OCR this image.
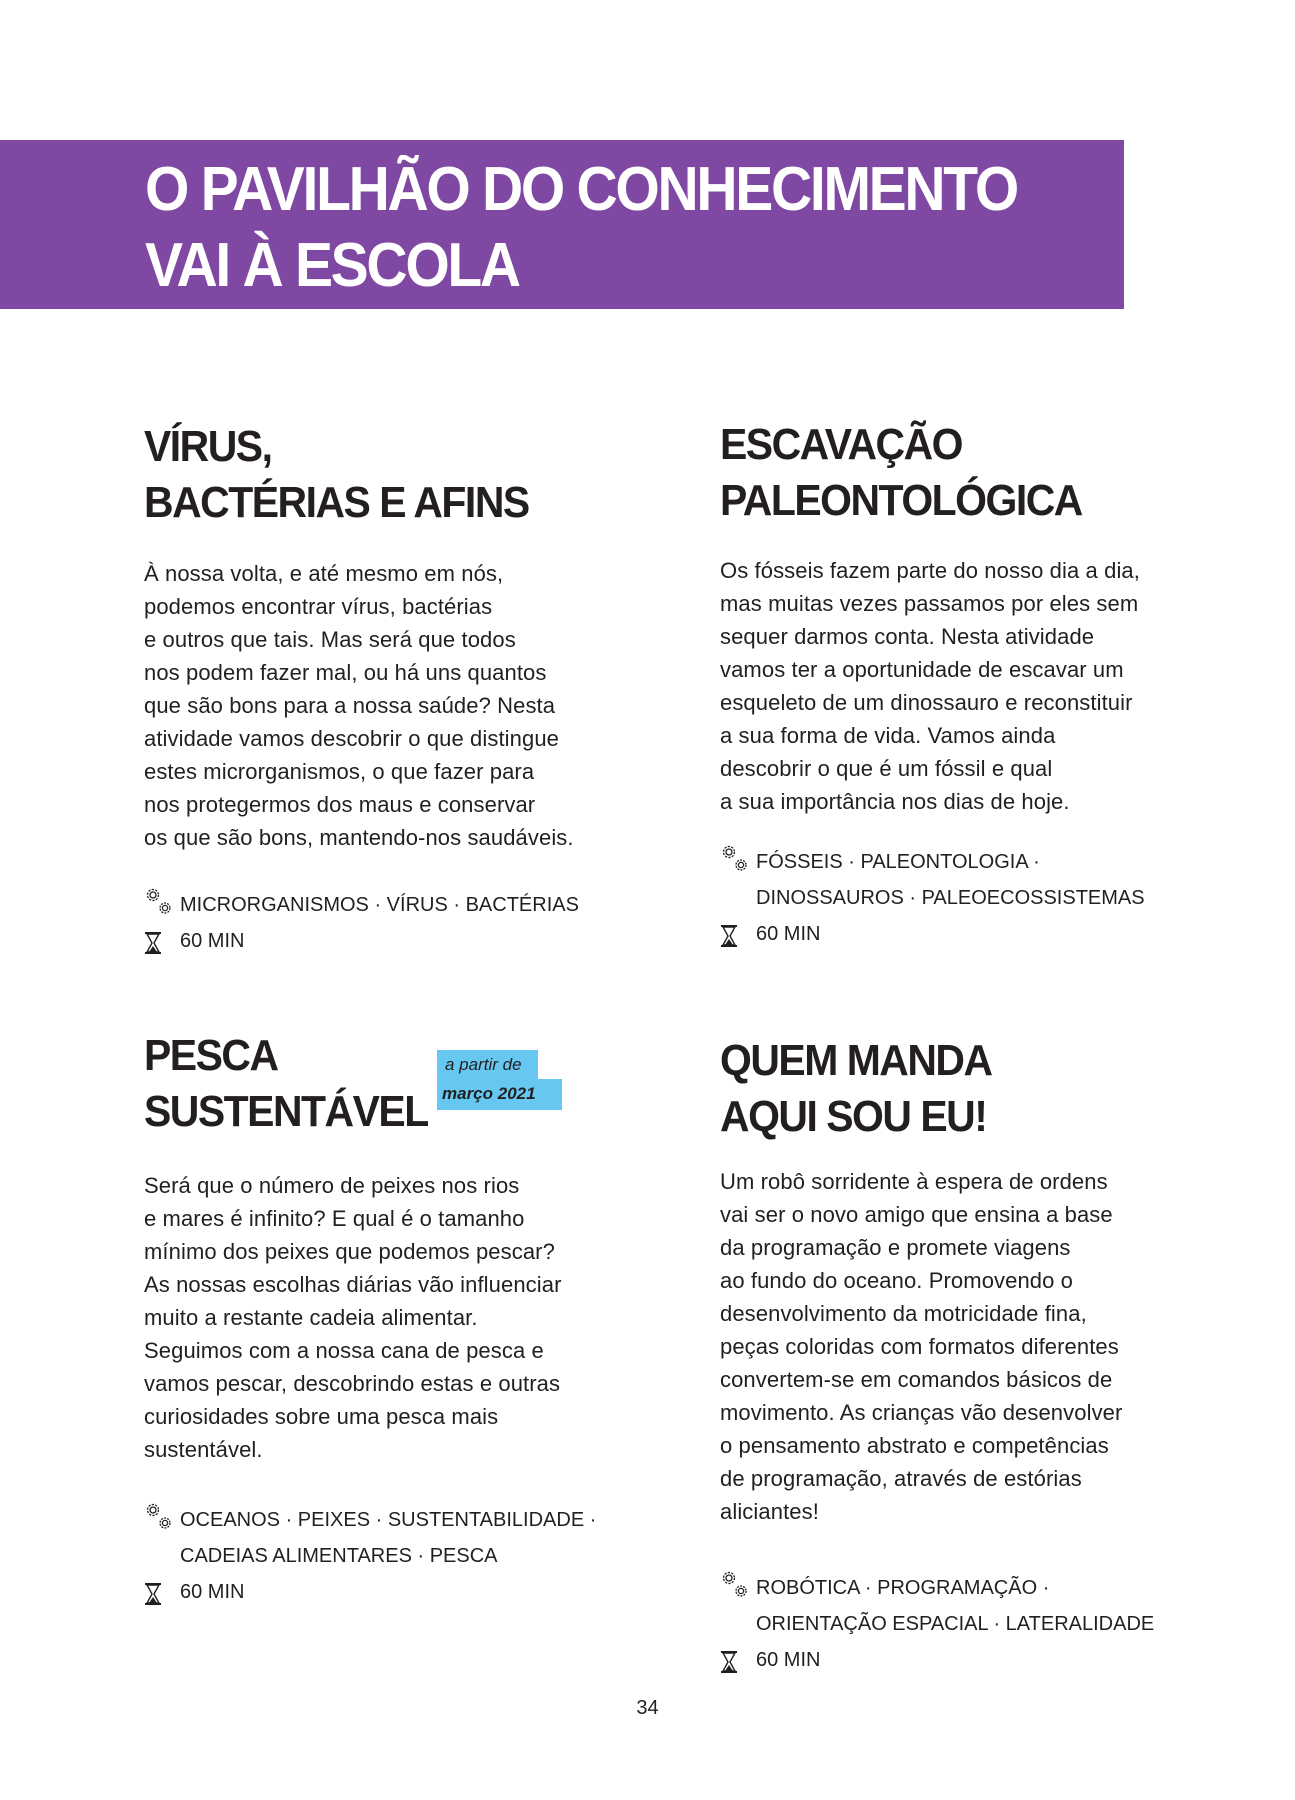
O PAVILHÃO DO CONHECIMENTO
VAI À ESCOLA
VÍRUS,
BACTÉRIAS E AFINS

À nossa volta, e até mesmo em nós,
podemos encontrar vírus, bactérias
e outros que tais. Mas será que todos
nos podem fazer mal, ou há uns quantos
que são bons para a nossa saúde? Nesta
atividade vamos descobrir o que distingue
estes microrganismos, o que fazer para
nos protegermos dos maus e conservar
os que são bons, mantendo-nos saudáveis.

MICRORGANISMOS · VÍRUS · BACTÉRIAS
60 MIN
ESCAVAÇÃO
PALEONTOLÓGICA

Os fósseis fazem parte do nosso dia a dia,
mas muitas vezes passamos por eles sem
sequer darmos conta. Nesta atividade
vamos ter a oportunidade de escavar um
esqueleto de um dinossauro e reconstituir
a sua forma de vida. Vamos ainda
descobrir o que é um fóssil e qual
a sua importância nos dias de hoje.

FÓSSEIS · PALEONTOLOGIA ·
DINOSSAUROS · PALEOECOSSISTEMAS
60 MIN
PESCA
SUSTENTÁVEL
a partir de
março 2021

Será que o número de peixes nos rios
e mares é infinito? E qual é o tamanho
mínimo dos peixes que podemos pescar?
As nossas escolhas diárias vão influenciar
muito a restante cadeia alimentar.
Seguimos com a nossa cana de pesca e
vamos pescar, descobrindo estas e outras
curiosidades sobre uma pesca mais
sustentável.

OCEANOS · PEIXES · SUSTENTABILIDADE ·
CADEIAS ALIMENTARES · PESCA
60 MIN
QUEM MANDA
AQUI SOU EU!

Um robô sorridente à espera de ordens
vai ser o novo amigo que ensina a base
da programação e promete viagens
ao fundo do oceano. Promovendo o
desenvolvimento da motricidade fina,
peças coloridas com formatos diferentes
convertem-se em comandos básicos de
movimento. As crianças vão desenvolver
o pensamento abstrato e competências
de programação, através de estórias
aliciantes!

ROBÓTICA · PROGRAMAÇÃO ·
ORIENTAÇÃO ESPACIAL · LATERALIDADE
60 MIN
34
